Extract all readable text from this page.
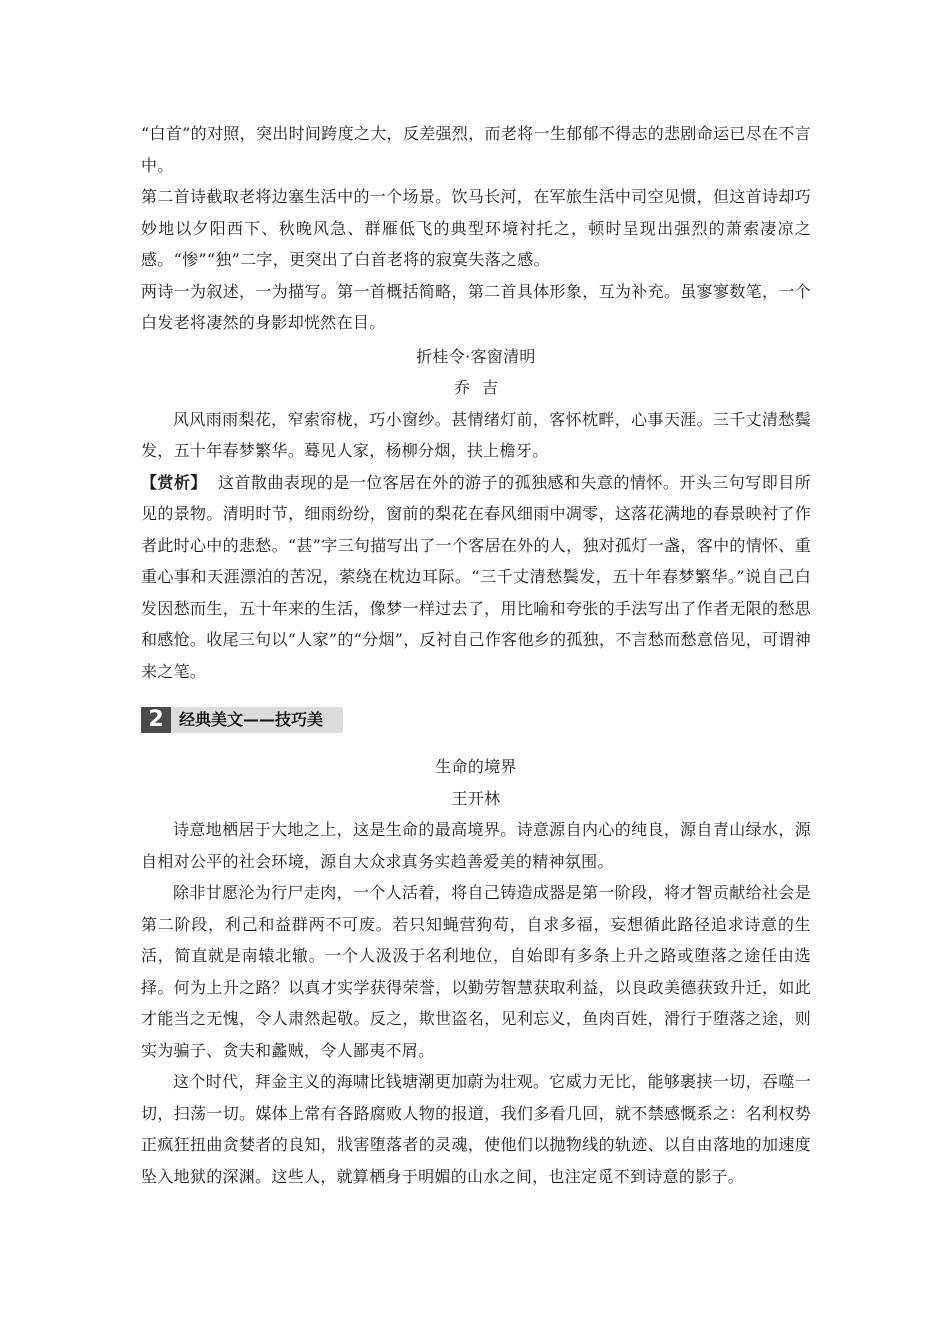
“白首”的对照，突出时间跨度之大，反差强烈，而老将一生郁郁不得志的悲剧命运已尽在不言中。

第二首诗截取老将边塞生活中的一个场景。饮马长河，在军旅生活中司空见惯，但这首诗却巧妙地以夕阳西下、秋晚风急、群雁低飞的典型环境衬托之，顿时呈现出强烈的萧索凄凉之感。“惨”“独”二字，更突出了白首老将的寂寞失落之感。

两诗一为叙述，一为描写。第一首概括简略，第二首具体形象，互为补充。虽寥寥数笔，一个白发老将凄然的身影却恍然在目。

折桂令·客窗清明

乔吉

风风雨雨梨花，窄索帘栊，巧小窗纱。甚情绪灯前，客怀枕畔，心事天涯。三千丈清愁鬓发，五十年春梦繁华。蓦见人家，杨柳分烟，扶上檐牙。

【赏析】 这首散曲表现的是一位客居在外的游子的孤独感和失意的情怀。开头三句写即目所见的景物。清明时节，细雨纷纷，窗前的梨花在春风细雨中凋零，这落花满地的春景映衬了作者此时心中的悲愁。“甚”字三句描写出了一个客居在外的人，独对孤灯一盏，客中的情怀、重重心事和天涯漂泊的苦况，萦绕在枕边耳际。“三千丈清愁鬓发，五十年春梦繁华。”说自己白发因愁而生，五十年来的生活，像梦一样过去了，用比喻和夸张的手法写出了作者无限的愁思和感怆。收尾三句以“人家”的“分烟”，反衬自己作客他乡的孤独，不言愁而愁意倍见，可谓神来之笔。

2 经典美文——技巧美

生命的境界

王开林

诗意地栖居于大地之上，这是生命的最高境界。诗意源自内心的纯良，源自青山绿水，源自相对公平的社会环境，源自大众求真务实趋善爱美的精神氛围。

除非甘愿沦为行尸走肉，一个人活着，将自己铸造成器是第一阶段，将才智贡献给社会是第二阶段，利己和益群两不可废。若只知蝇营狗苟，自求多福，妄想循此路径追求诗意的生活，简直就是南辕北辙。一个人汲汲于名利地位，自始即有多条上升之路或堕落之途任由选择。何为上升之路？以真才实学获得荣誉，以勤劳智慧获取利益，以良政美德获致升迁，如此才能当之无愧，令人肃然起敬。反之，欺世盗名，见利忘义，鱼肉百姓，滑行于堕落之途，则实为骗子、贪夫和蠡贼，令人鄙夷不屑。

这个时代，拜金主义的海啸比钱塘潮更加蔚为壮观。它威力无比，能够裹挟一切，吞噬一切，扫荡一切。媒体上常有各路腐败人物的报道，我们多看几回，就不禁感慨系之：名利权势正疯狂扭曲贪婪者的良知，戕害堕落者的灵魂，使他们以抛物线的轨迹、以自由落地的加速度坠入地狱的深渊。这些人，就算栖身于明媚的山水之间，也注定觅不到诗意的影子。
